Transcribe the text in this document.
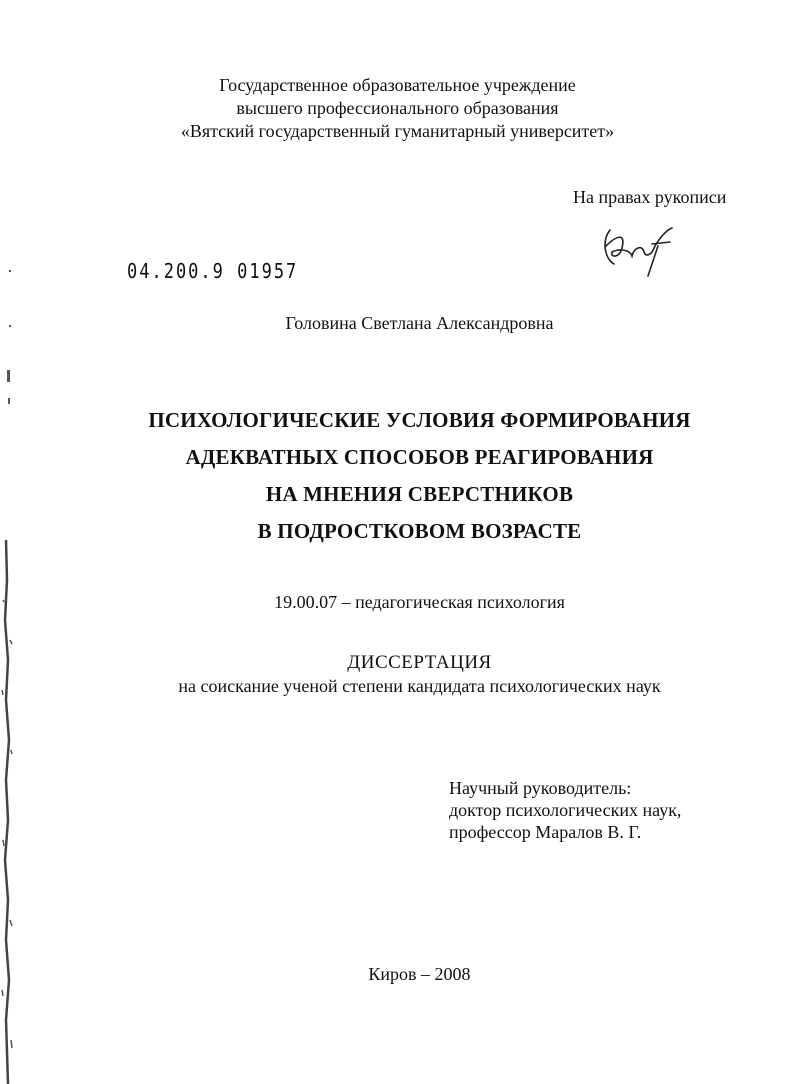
Государственное образовательное учреждение
высшего профессионального образования
«Вятский государственный гуманитарный университет»
На правах рукописи
04.200.9 01957
Головина Светлана Александровна
ПСИХОЛОГИЧЕСКИЕ УСЛОВИЯ ФОРМИРОВАНИЯ
АДЕКВАТНЫХ СПОСОБОВ РЕАГИРОВАНИЯ
НА МНЕНИЯ СВЕРСТНИКОВ
В ПОДРОСТКОВОМ ВОЗРАСТЕ
19.00.07 – педагогическая психология
ДИССЕРТАЦИЯ
на соискание ученой степени кандидата психологических наук
Научный руководитель:
доктор психологических наук,
профессор Маралов В. Г.
Киров – 2008
